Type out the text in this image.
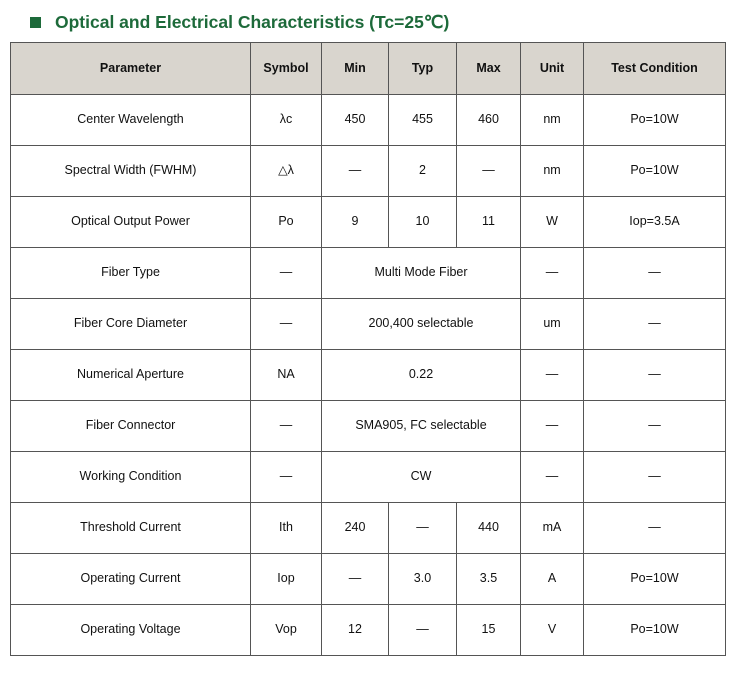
Optical and Electrical Characteristics (Tc=25℃)
Parameter	Symbol	Min	Typ	Max	Unit	Test Condition
Center Wavelength	λc	450	455	460	nm	Po=10W
Spectral Width (FWHM)	△λ	—	2	—	nm	Po=10W
Optical Output Power	Po	9	10	11	W	Iop=3.5A
Fiber Type	—	Multi Mode Fiber			—	—
Fiber Core Diameter	—	200,400 selectable			um	—
Numerical Aperture	NA	0.22			—	—
Fiber Connector	—	SMA905, FC selectable			—	—
Working Condition	—	CW			—	—
Threshold Current	Ith	240	—	440	mA	—
Operating Current	Iop	—	3.0	3.5	A	Po=10W
Operating Voltage	Vop	12	—	15	V	Po=10W
